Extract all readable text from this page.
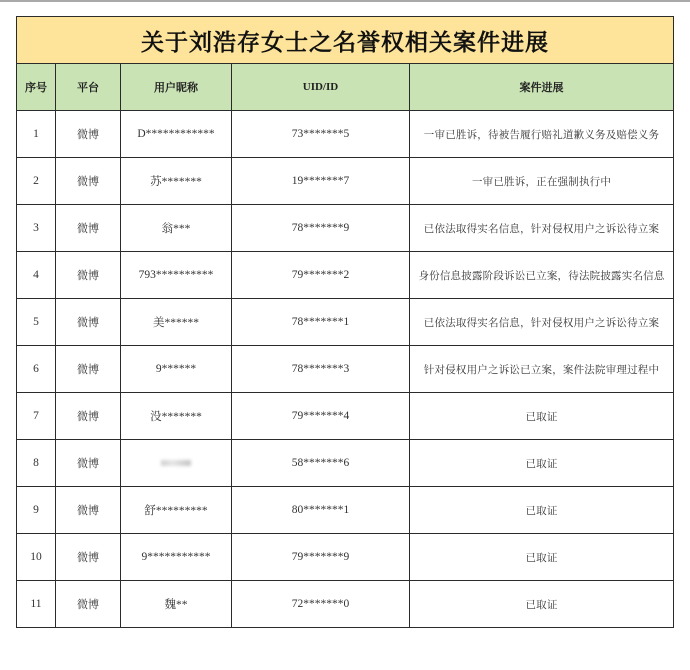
关于刘浩存女士之名誉权相关案件进展				
序号	平台	用户昵称	UID/ID	案件进展
1	微博	D************	73*******5	一审已胜诉，待被告履行赔礼道歉义务及赔偿义务
2	微博	苏*******	19*******7	一审已胜诉，正在强制执行中
3	微博	翁***	78*******9	已依法取得实名信息，针对侵权用户之诉讼待立案
4	微博	793**********	79*******2	身份信息披露阶段诉讼已立案，待法院披露实名信息
5	微博	美******	78*******1	已依法取得实名信息，针对侵权用户之诉讼待立案
6	微博	9******	78*******3	针对侵权用户之诉讼已立案，案件法院审理过程中
7	微博	没*******	79*******4	已取证
8	微博		58*******6	已取证
9	微博	舒*********	80*******1	已取证
10	微博	9***********	79*******9	已取证
11	微博	魏**	72*******0	已取证
